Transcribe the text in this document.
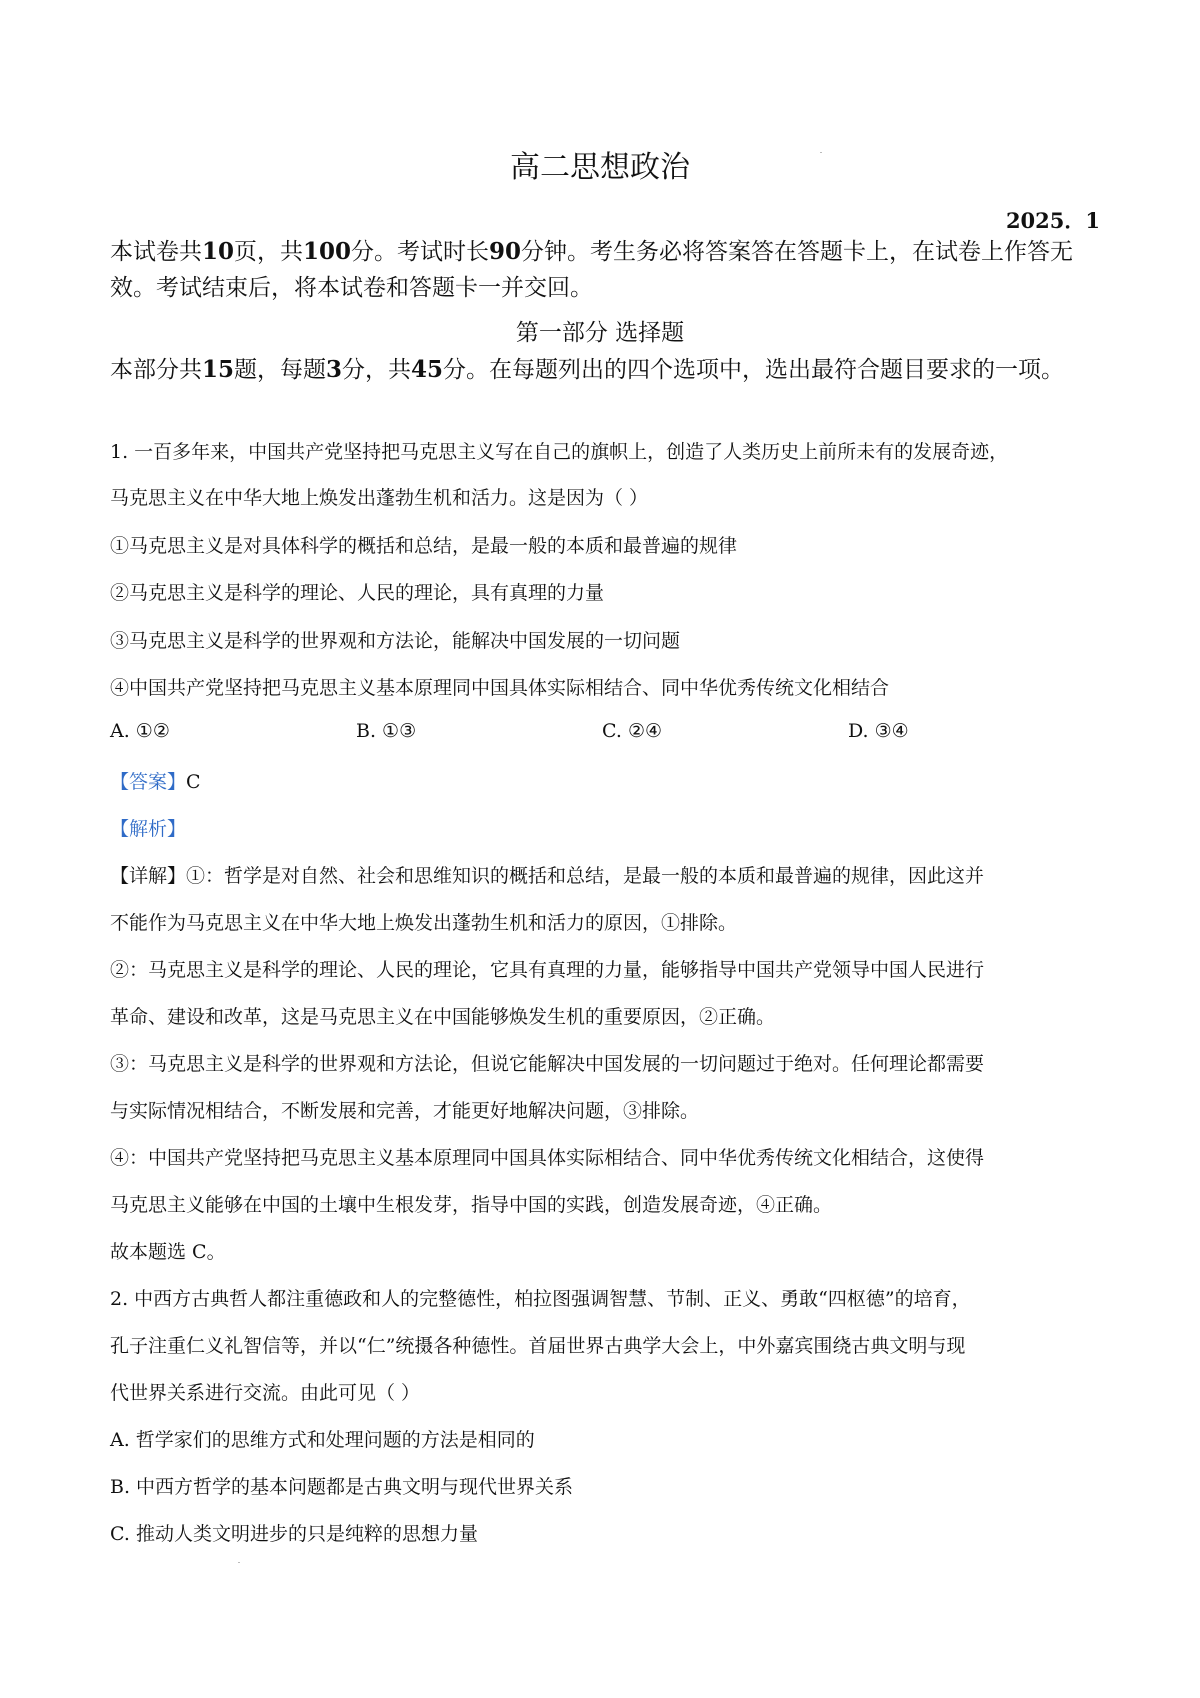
高二思想政治
2025．1
本试卷共10页，共100分。考试时长90分钟。考生务必将答案答在答题卡上，在试卷上作答无效。考试结束后，将本试卷和答题卡一并交回。
第一部分 选择题
本部分共15题，每题3分，共45分。在每题列出的四个选项中，选出最符合题目要求的一项。
1. 一百多年来，中国共产党坚持把马克思主义写在自己的旗帜上，创造了人类历史上前所未有的发展奇迹，
马克思主义在中华大地上焕发出蓬勃生机和活力。这是因为（ ）
①马克思主义是对具体科学的概括和总结，是最一般的本质和最普遍的规律
②马克思主义是科学的理论、人民的理论，具有真理的力量
③马克思主义是科学的世界观和方法论，能解决中国发展的一切问题
④中国共产党坚持把马克思主义基本原理同中国具体实际相结合、同中华优秀传统文化相结合
A. ①②	B. ①③	C. ②④	D. ③④
【答案】C
【解析】
【详解】①：哲学是对自然、社会和思维知识的概括和总结，是最一般的本质和最普遍的规律，因此这并
不能作为马克思主义在中华大地上焕发出蓬勃生机和活力的原因，①排除。
②：马克思主义是科学的理论、人民的理论，它具有真理的力量，能够指导中国共产党领导中国人民进行
革命、建设和改革，这是马克思主义在中国能够焕发生机的重要原因，②正确。
③：马克思主义是科学的世界观和方法论，但说它能解决中国发展的一切问题过于绝对。任何理论都需要
与实际情况相结合，不断发展和完善，才能更好地解决问题，③排除。
④：中国共产党坚持把马克思主义基本原理同中国具体实际相结合、同中华优秀传统文化相结合，这使得
马克思主义能够在中国的土壤中生根发芽，指导中国的实践，创造发展奇迹，④正确。
故本题选 C。
2. 中西方古典哲人都注重德政和人的完整德性，柏拉图强调智慧、节制、正义、勇敢“四枢德”的培育，
孔子注重仁义礼智信等，并以“仁”统摄各种德性。首届世界古典学大会上，中外嘉宾围绕古典文明与现
代世界关系进行交流。由此可见（ ）
A. 哲学家们的思维方式和处理问题的方法是相同的
B. 中西方哲学的基本问题都是古典文明与现代世界关系
C. 推动人类文明进步的只是纯粹的思想力量
